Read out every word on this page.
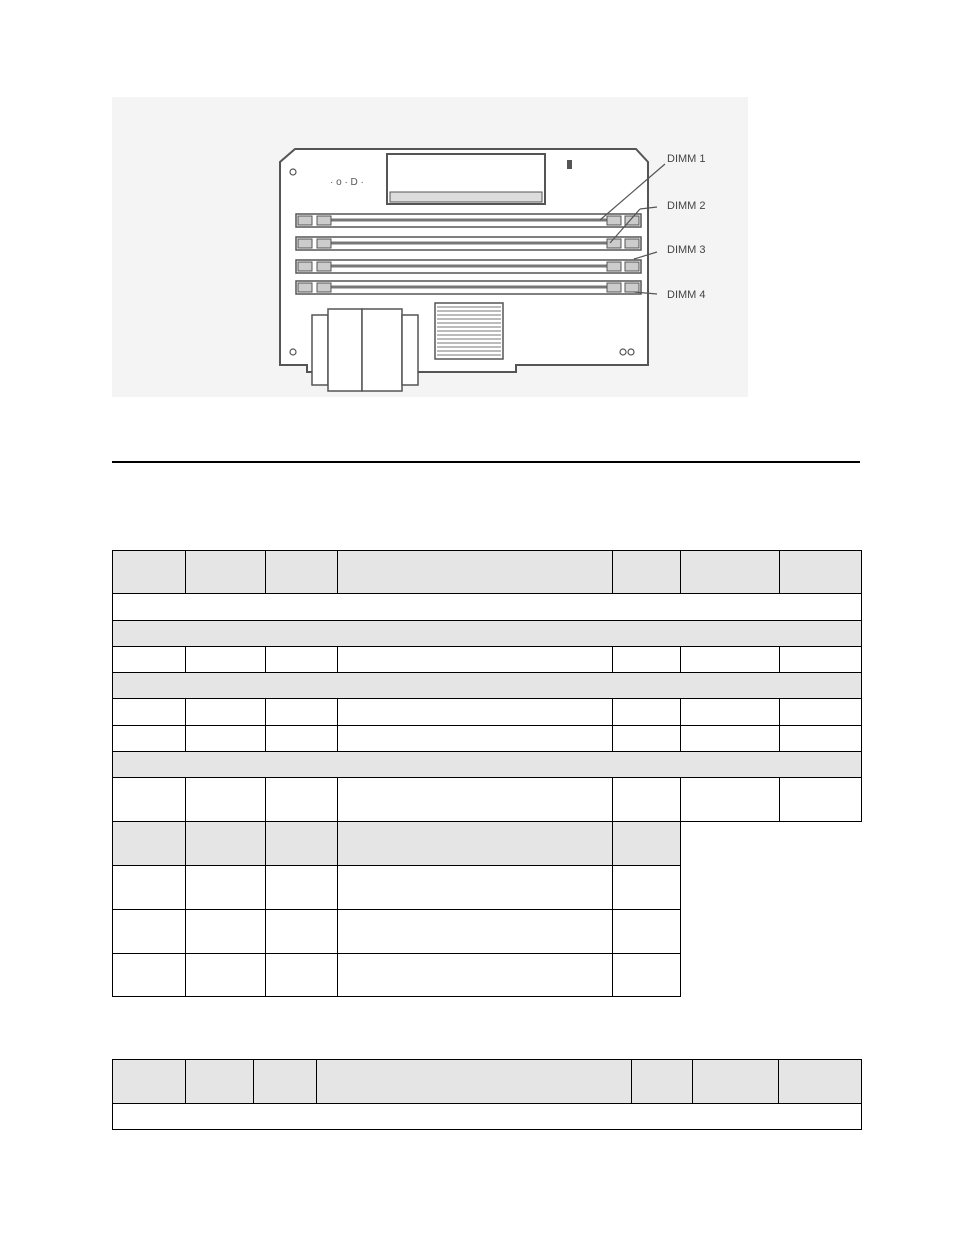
· o · D ·
DIMM 1
DIMM 2
DIMM 3
DIMM 4
